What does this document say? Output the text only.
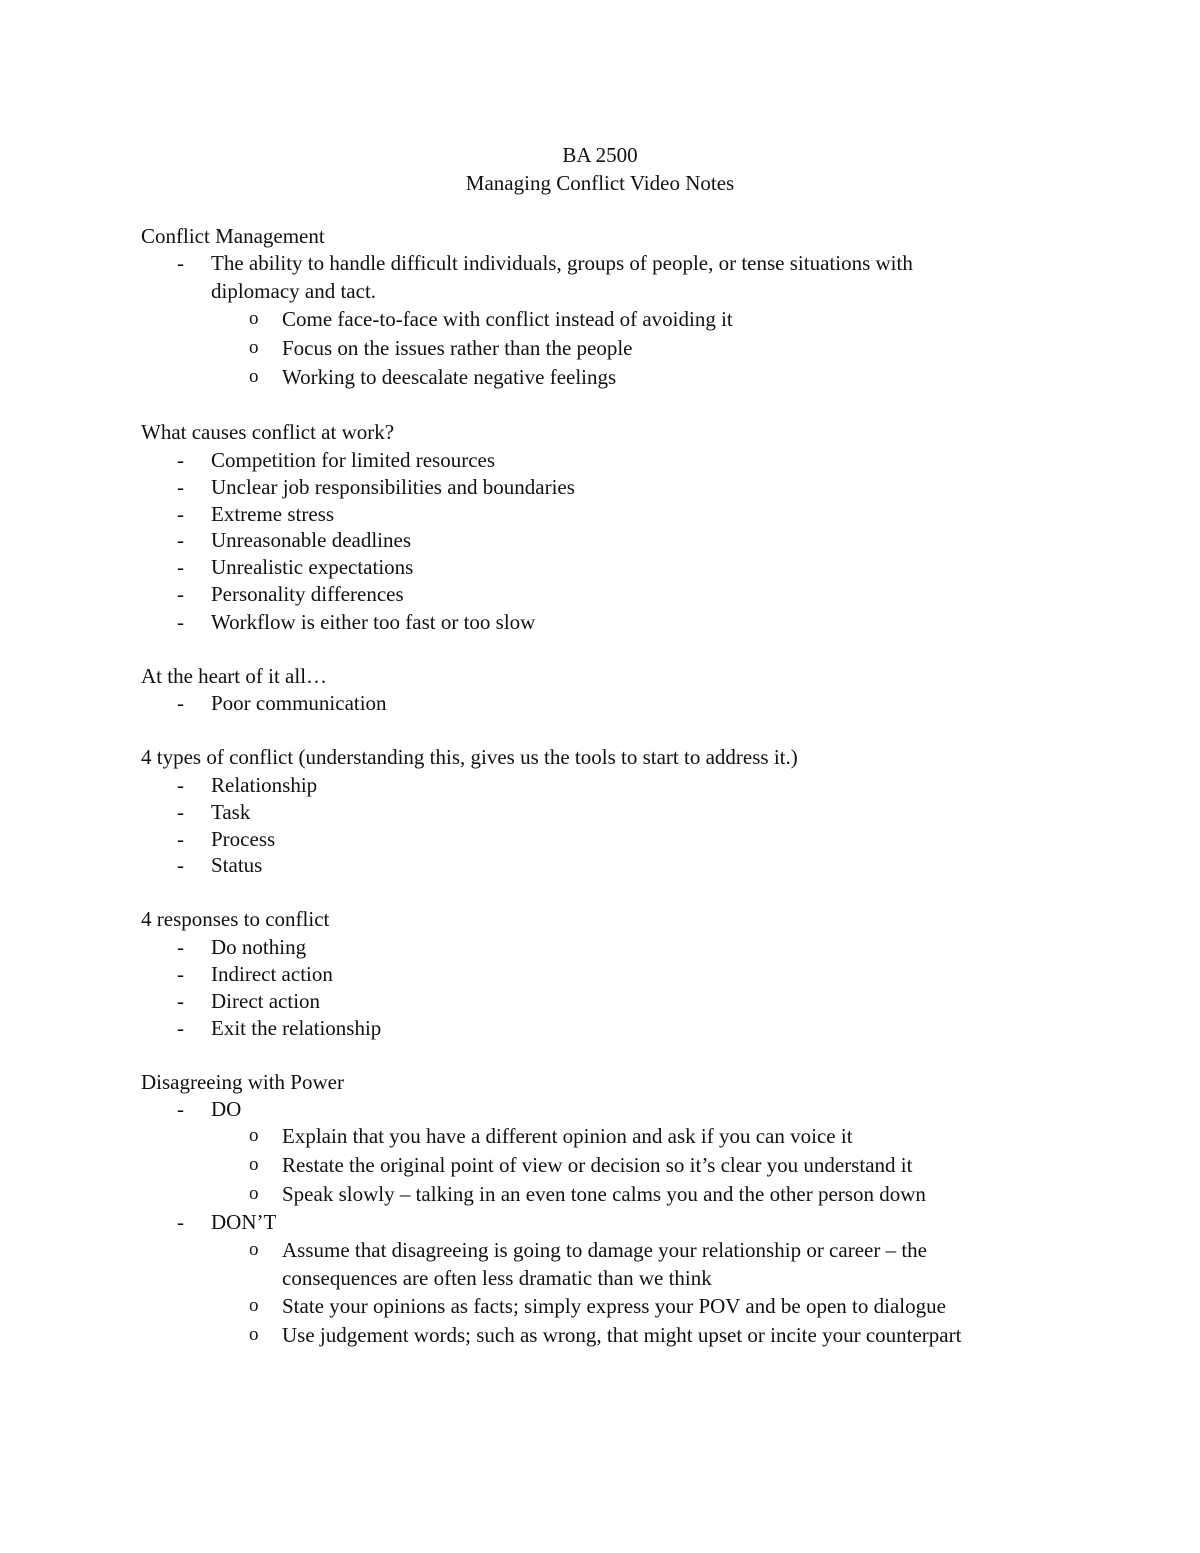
BA 2500
Managing Conflict Video Notes
Conflict Management
- The ability to handle difficult individuals, groups of people, or tense situations with
diplomacy and tact.
o Come face-to-face with conflict instead of avoiding it
o Focus on the issues rather than the people
o Working to deescalate negative feelings
What causes conflict at work?
- Competition for limited resources
- Unclear job responsibilities and boundaries
- Extreme stress
- Unreasonable deadlines
- Unrealistic expectations
- Personality differences
- Workflow is either too fast or too slow
At the heart of it all…
- Poor communication
4 types of conflict (understanding this, gives us the tools to start to address it.)
- Relationship
- Task
- Process
- Status
4 responses to conflict
- Do nothing
- Indirect action
- Direct action
- Exit the relationship
Disagreeing with Power
- DO
o Explain that you have a different opinion and ask if you can voice it
o Restate the original point of view or decision so it’s clear you understand it
o Speak slowly – talking in an even tone calms you and the other person down
- DON’T
o Assume that disagreeing is going to damage your relationship or career – the
consequences are often less dramatic than we think
o State your opinions as facts; simply express your POV and be open to dialogue
o Use judgement words; such as wrong, that might upset or incite your counterpart
